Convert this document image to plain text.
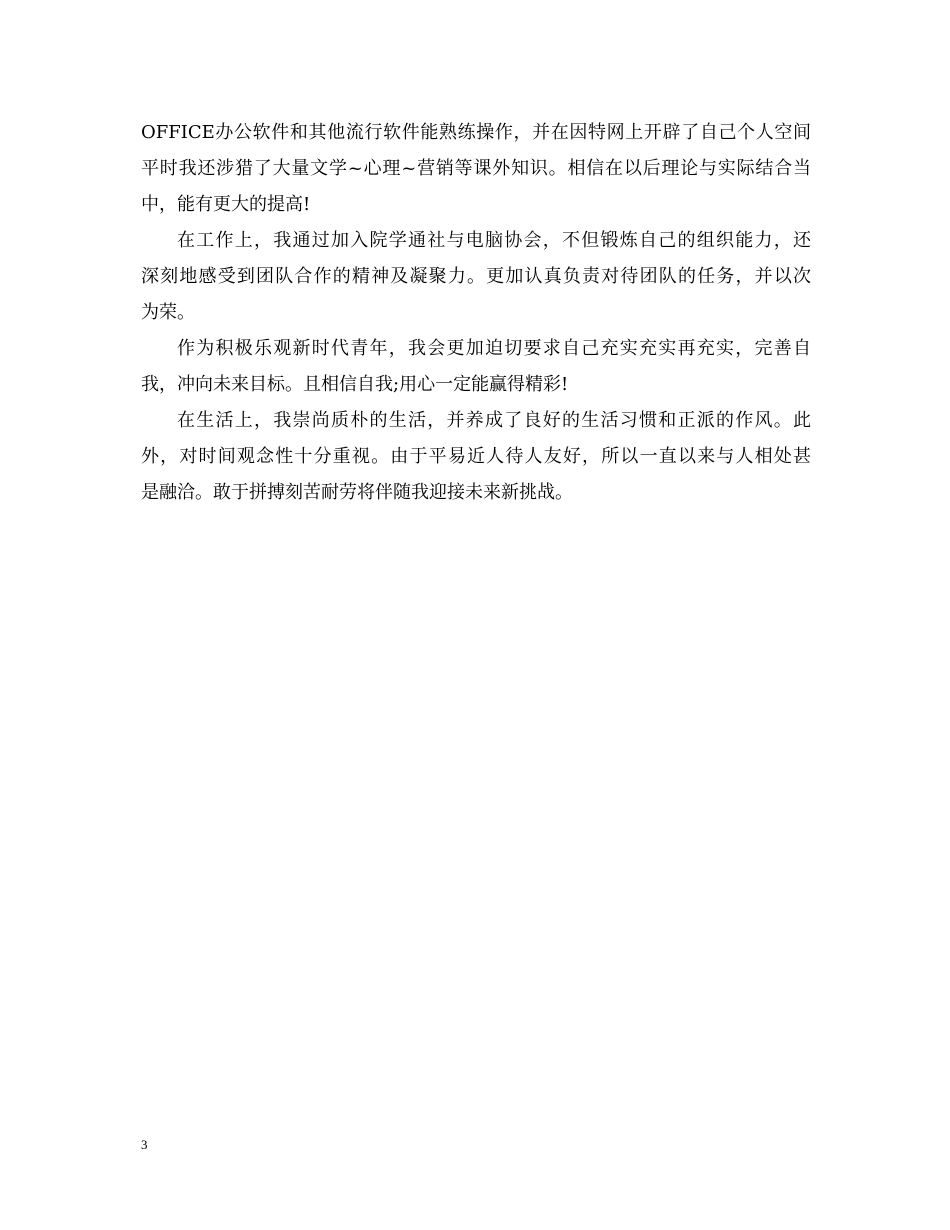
OFFICE办公软件和其他流行软件能熟练操作，并在因特网上开辟了自己个人空间
平时我还涉猎了大量文学~心理~营销等课外知识。相信在以后理论与实际结合当
中，能有更大的提高!
在工作上，我通过加入院学通社与电脑协会，不但锻炼自己的组织能力，还
深刻地感受到团队合作的精神及凝聚力。更加认真负责对待团队的任务，并以次
为荣。
作为积极乐观新时代青年，我会更加迫切要求自己充实充实再充实，完善自
我，冲向未来目标。且相信自我;用心一定能赢得精彩!
在生活上，我崇尚质朴的生活，并养成了良好的生活习惯和正派的作风。此
外，对时间观念性十分重视。由于平易近人待人友好，所以一直以来与人相处甚
是融洽。敢于拼搏刻苦耐劳将伴随我迎接未来新挑战。
3
